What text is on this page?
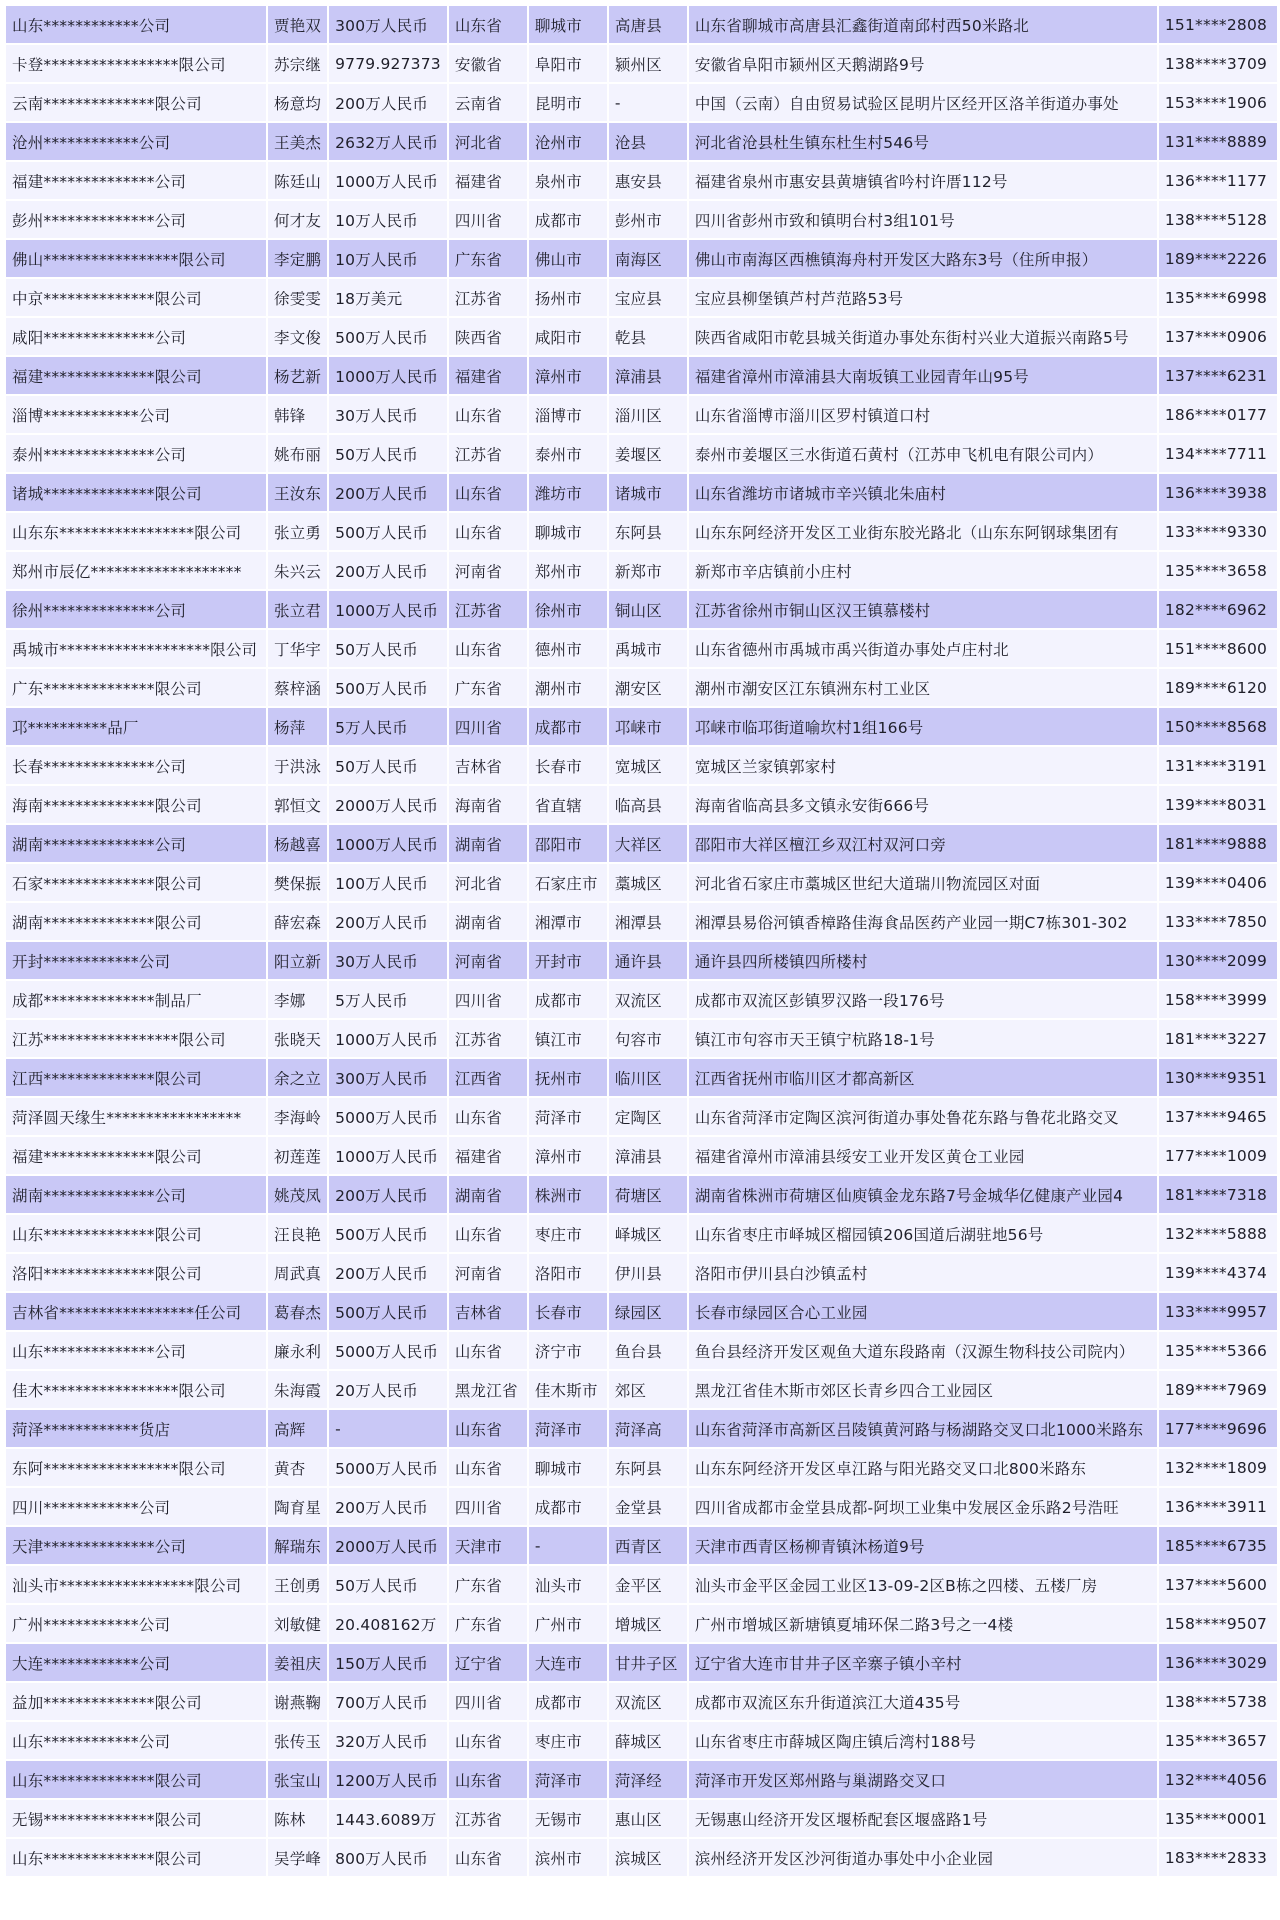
山东************公司	贾艳双	300万人民币	山东省	聊城市	高唐县	山东省聊城市高唐县汇鑫街道南邱村西50米路北	151****2808
卡登*****************限公司	苏宗继	9779.927373	安徽省	阜阳市	颍州区	安徽省阜阳市颍州区天鹅湖路9号	138****3709
云南**************限公司	杨意均	200万人民币	云南省	昆明市	-	中国（云南）自由贸易试验区昆明片区经开区洛羊街道办事处	153****1906
沧州************公司	王美杰	2632万人民币	河北省	沧州市	沧县	河北省沧县杜生镇东杜生村546号	131****8889
福建**************公司	陈廷山	1000万人民币	福建省	泉州市	惠安县	福建省泉州市惠安县黄塘镇省吟村许厝112号	136****1177
彭州**************公司	何才友	10万人民币	四川省	成都市	彭州市	四川省彭州市致和镇明台村3组101号	138****5128
佛山*****************限公司	李定鹏	10万人民币	广东省	佛山市	南海区	佛山市南海区西樵镇海舟村开发区大路东3号（住所申报）	189****2226
中京**************限公司	徐雯雯	18万美元	江苏省	扬州市	宝应县	宝应县柳堡镇芦村芦范路53号	135****6998
咸阳**************公司	李文俊	500万人民币	陕西省	咸阳市	乾县	陕西省咸阳市乾县城关街道办事处东街村兴业大道振兴南路5号	137****0906
福建**************限公司	杨艺新	1000万人民币	福建省	漳州市	漳浦县	福建省漳州市漳浦县大南坂镇工业园青年山95号	137****6231
淄博************公司	韩锋	30万人民币	山东省	淄博市	淄川区	山东省淄博市淄川区罗村镇道口村	186****0177
泰州**************公司	姚布丽	50万人民币	江苏省	泰州市	姜堰区	泰州市姜堰区三水街道石黄村（江苏申飞机电有限公司内）	134****7711
诸城**************限公司	王汝东	200万人民币	山东省	潍坊市	诸城市	山东省潍坊市诸城市辛兴镇北朱庙村	136****3938
山东东*****************限公司	张立勇	500万人民币	山东省	聊城市	东阿县	山东东阿经济开发区工业街东胶光路北（山东东阿钢球集团有	133****9330
郑州市辰亿*******************	朱兴云	200万人民币	河南省	郑州市	新郑市	新郑市辛店镇前小庄村	135****3658
徐州**************公司	张立君	1000万人民币	江苏省	徐州市	铜山区	江苏省徐州市铜山区汉王镇慕楼村	182****6962
禹城市*******************限公司	丁华宇	50万人民币	山东省	德州市	禹城市	山东省德州市禹城市禹兴街道办事处卢庄村北	151****8600
广东**************限公司	蔡梓涵	500万人民币	广东省	潮州市	潮安区	潮州市潮安区江东镇洲东村工业区	189****6120
邛**********品厂	杨萍	5万人民币	四川省	成都市	邛崃市	邛崃市临邛街道喻坎村1组166号	150****8568
长春**************公司	于洪泳	50万人民币	吉林省	长春市	宽城区	宽城区兰家镇郭家村	131****3191
海南**************限公司	郭恒文	2000万人民币	海南省	省直辖	临高县	海南省临高县多文镇永安街666号	139****8031
湖南**************公司	杨越喜	1000万人民币	湖南省	邵阳市	大祥区	邵阳市大祥区檀江乡双江村双河口旁	181****9888
石家**************限公司	樊保振	100万人民币	河北省	石家庄市	藁城区	河北省石家庄市藁城区世纪大道瑞川物流园区对面	139****0406
湖南**************限公司	薛宏森	200万人民币	湖南省	湘潭市	湘潭县	湘潭县易俗河镇香樟路佳海食品医药产业园一期C7栋301-302	133****7850
开封************公司	阳立新	30万人民币	河南省	开封市	通许县	通许县四所楼镇四所楼村	130****2099
成都**************制品厂	李娜	5万人民币	四川省	成都市	双流区	成都市双流区彭镇罗汉路一段176号	158****3999
江苏*****************限公司	张晓天	1000万人民币	江苏省	镇江市	句容市	镇江市句容市天王镇宁杭路18-1号	181****3227
江西**************限公司	余之立	300万人民币	江西省	抚州市	临川区	江西省抚州市临川区才都高新区	130****9351
菏泽圆天缘生*****************	李海岭	5000万人民币	山东省	菏泽市	定陶区	山东省菏泽市定陶区滨河街道办事处鲁花东路与鲁花北路交叉	137****9465
福建**************限公司	初莲莲	1000万人民币	福建省	漳州市	漳浦县	福建省漳州市漳浦县绥安工业开发区黄仓工业园	177****1009
湖南**************公司	姚茂凤	200万人民币	湖南省	株洲市	荷塘区	湖南省株洲市荷塘区仙庾镇金龙东路7号金城华亿健康产业园4	181****7318
山东**************限公司	汪良艳	500万人民币	山东省	枣庄市	峄城区	山东省枣庄市峄城区榴园镇206国道后湖驻地56号	132****5888
洛阳**************限公司	周武真	200万人民币	河南省	洛阳市	伊川县	洛阳市伊川县白沙镇孟村	139****4374
吉林省*****************任公司	葛春杰	500万人民币	吉林省	长春市	绿园区	长春市绿园区合心工业园	133****9957
山东**************公司	廉永利	5000万人民币	山东省	济宁市	鱼台县	鱼台县经济开发区观鱼大道东段路南（汉源生物科技公司院内）	135****5366
佳木*****************限公司	朱海霞	20万人民币	黑龙江省	佳木斯市	郊区	黑龙江省佳木斯市郊区长青乡四合工业园区	189****7969
菏泽************货店	高辉	-	山东省	菏泽市	菏泽高	山东省菏泽市高新区吕陵镇黄河路与杨湖路交叉口北1000米路东	177****9696
东阿*****************限公司	黄杏	5000万人民币	山东省	聊城市	东阿县	山东东阿经济开发区卓江路与阳光路交叉口北800米路东	132****1809
四川************公司	陶育星	200万人民币	四川省	成都市	金堂县	四川省成都市金堂县成都-阿坝工业集中发展区金乐路2号浩旺	136****3911
天津**************公司	解瑞东	2000万人民币	天津市	-	西青区	天津市西青区杨柳青镇沐杨道9号	185****6735
汕头市*****************限公司	王创勇	50万人民币	广东省	汕头市	金平区	汕头市金平区金园工业区13-09-2区B栋之四楼、五楼厂房	137****5600
广州************公司	刘敏健	20.408162万	广东省	广州市	增城区	广州市增城区新塘镇夏埔环保二路3号之一4楼	158****9507
大连************公司	姜祖庆	150万人民币	辽宁省	大连市	甘井子区	辽宁省大连市甘井子区辛寨子镇小辛村	136****3029
益加**************限公司	谢燕鞠	700万人民币	四川省	成都市	双流区	成都市双流区东升街道滨江大道435号	138****5738
山东************公司	张传玉	320万人民币	山东省	枣庄市	薛城区	山东省枣庄市薛城区陶庄镇后湾村188号	135****3657
山东**************限公司	张宝山	1200万人民币	山东省	菏泽市	菏泽经	菏泽市开发区郑州路与巢湖路交叉口	132****4056
无锡**************限公司	陈林	1443.6089万	江苏省	无锡市	惠山区	无锡惠山经济开发区堰桥配套区堰盛路1号	135****0001
山东**************限公司	吴学峰	800万人民币	山东省	滨州市	滨城区	滨州经济开发区沙河街道办事处中小企业园	183****2833
